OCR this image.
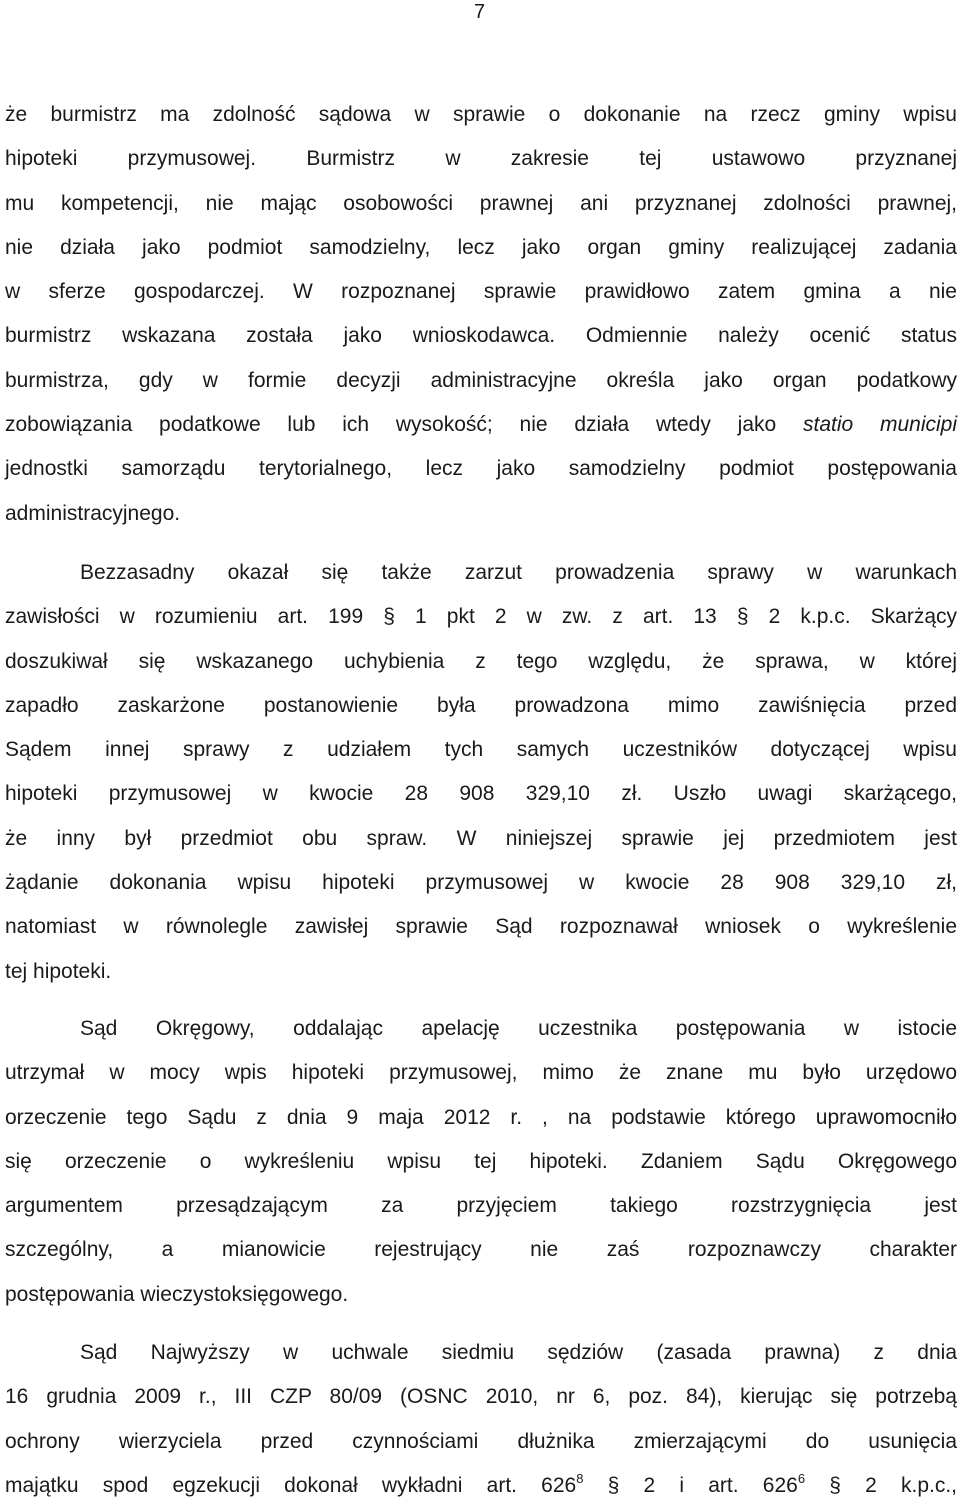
7

że burmistrz ma zdolność sądowa w sprawie o dokonanie na rzecz gminy wpisu
hipoteki przymusowej. Burmistrz w zakresie tej ustawowo przyznanej
mu kompetencji, nie mając osobowości prawnej ani przyznanej zdolności prawnej,
nie działa jako podmiot samodzielny, lecz jako organ gminy realizującej zadania
w sferze gospodarczej. W rozpoznanej sprawie prawidłowo zatem gmina a nie
burmistrz wskazana została jako wnioskodawca. Odmiennie należy ocenić status
burmistrza, gdy w formie decyzji administracyjne określa jako organ podatkowy
zobowiązania podatkowe lub ich wysokość; nie działa wtedy jako statio municipi
jednostki samorządu terytorialnego, lecz jako samodzielny podmiot postępowania
administracyjnego.

Bezzasadny okazał się także zarzut prowadzenia sprawy w warunkach
zawisłości w rozumieniu art. 199 § 1 pkt 2 w zw. z art. 13 § 2 k.p.c. Skarżący
doszukiwał się wskazanego uchybienia z tego względu, że sprawa, w której
zapadło zaskarżone postanowienie była prowadzona mimo zawiśnięcia przed
Sądem innej sprawy z udziałem tych samych uczestników dotyczącej wpisu
hipoteki przymusowej w kwocie 28 908 329,10 zł. Uszło uwagi skarżącego,
że inny był przedmiot obu spraw. W niniejszej sprawie jej przedmiotem jest
żądanie dokonania wpisu hipoteki przymusowej w kwocie 28 908 329,10 zł,
natomiast w równolegle zawisłej sprawie Sąd rozpoznawał wniosek o wykreślenie
tej hipoteki.

Sąd Okręgowy, oddalając apelację uczestnika postępowania w istocie
utrzymał w mocy wpis hipoteki przymusowej, mimo że znane mu było urzędowo
orzeczenie tego Sądu z dnia 9 maja 2012 r. , na podstawie którego uprawomocniło
się orzeczenie o wykreśleniu wpisu tej hipoteki. Zdaniem Sądu Okręgowego
argumentem przesądzającym za przyjęciem takiego rozstrzygnięcia jest
szczególny, a mianowicie rejestrujący nie zaś rozpoznawczy charakter
postępowania wieczystoksięgowego.

Sąd Najwyższy w uchwale siedmiu sędziów (zasada prawna) z dnia
16 grudnia 2009 r., III CZP 80/09 (OSNC 2010, nr 6, poz. 84), kierując się potrzebą
ochrony wierzyciela przed czynnościami dłużnika zmierzającymi do usunięcia
majątku spod egzekucji dokonał wykładni art. $626^8$ § 2 i art. $626^6$ § 2 k.p.c.,
